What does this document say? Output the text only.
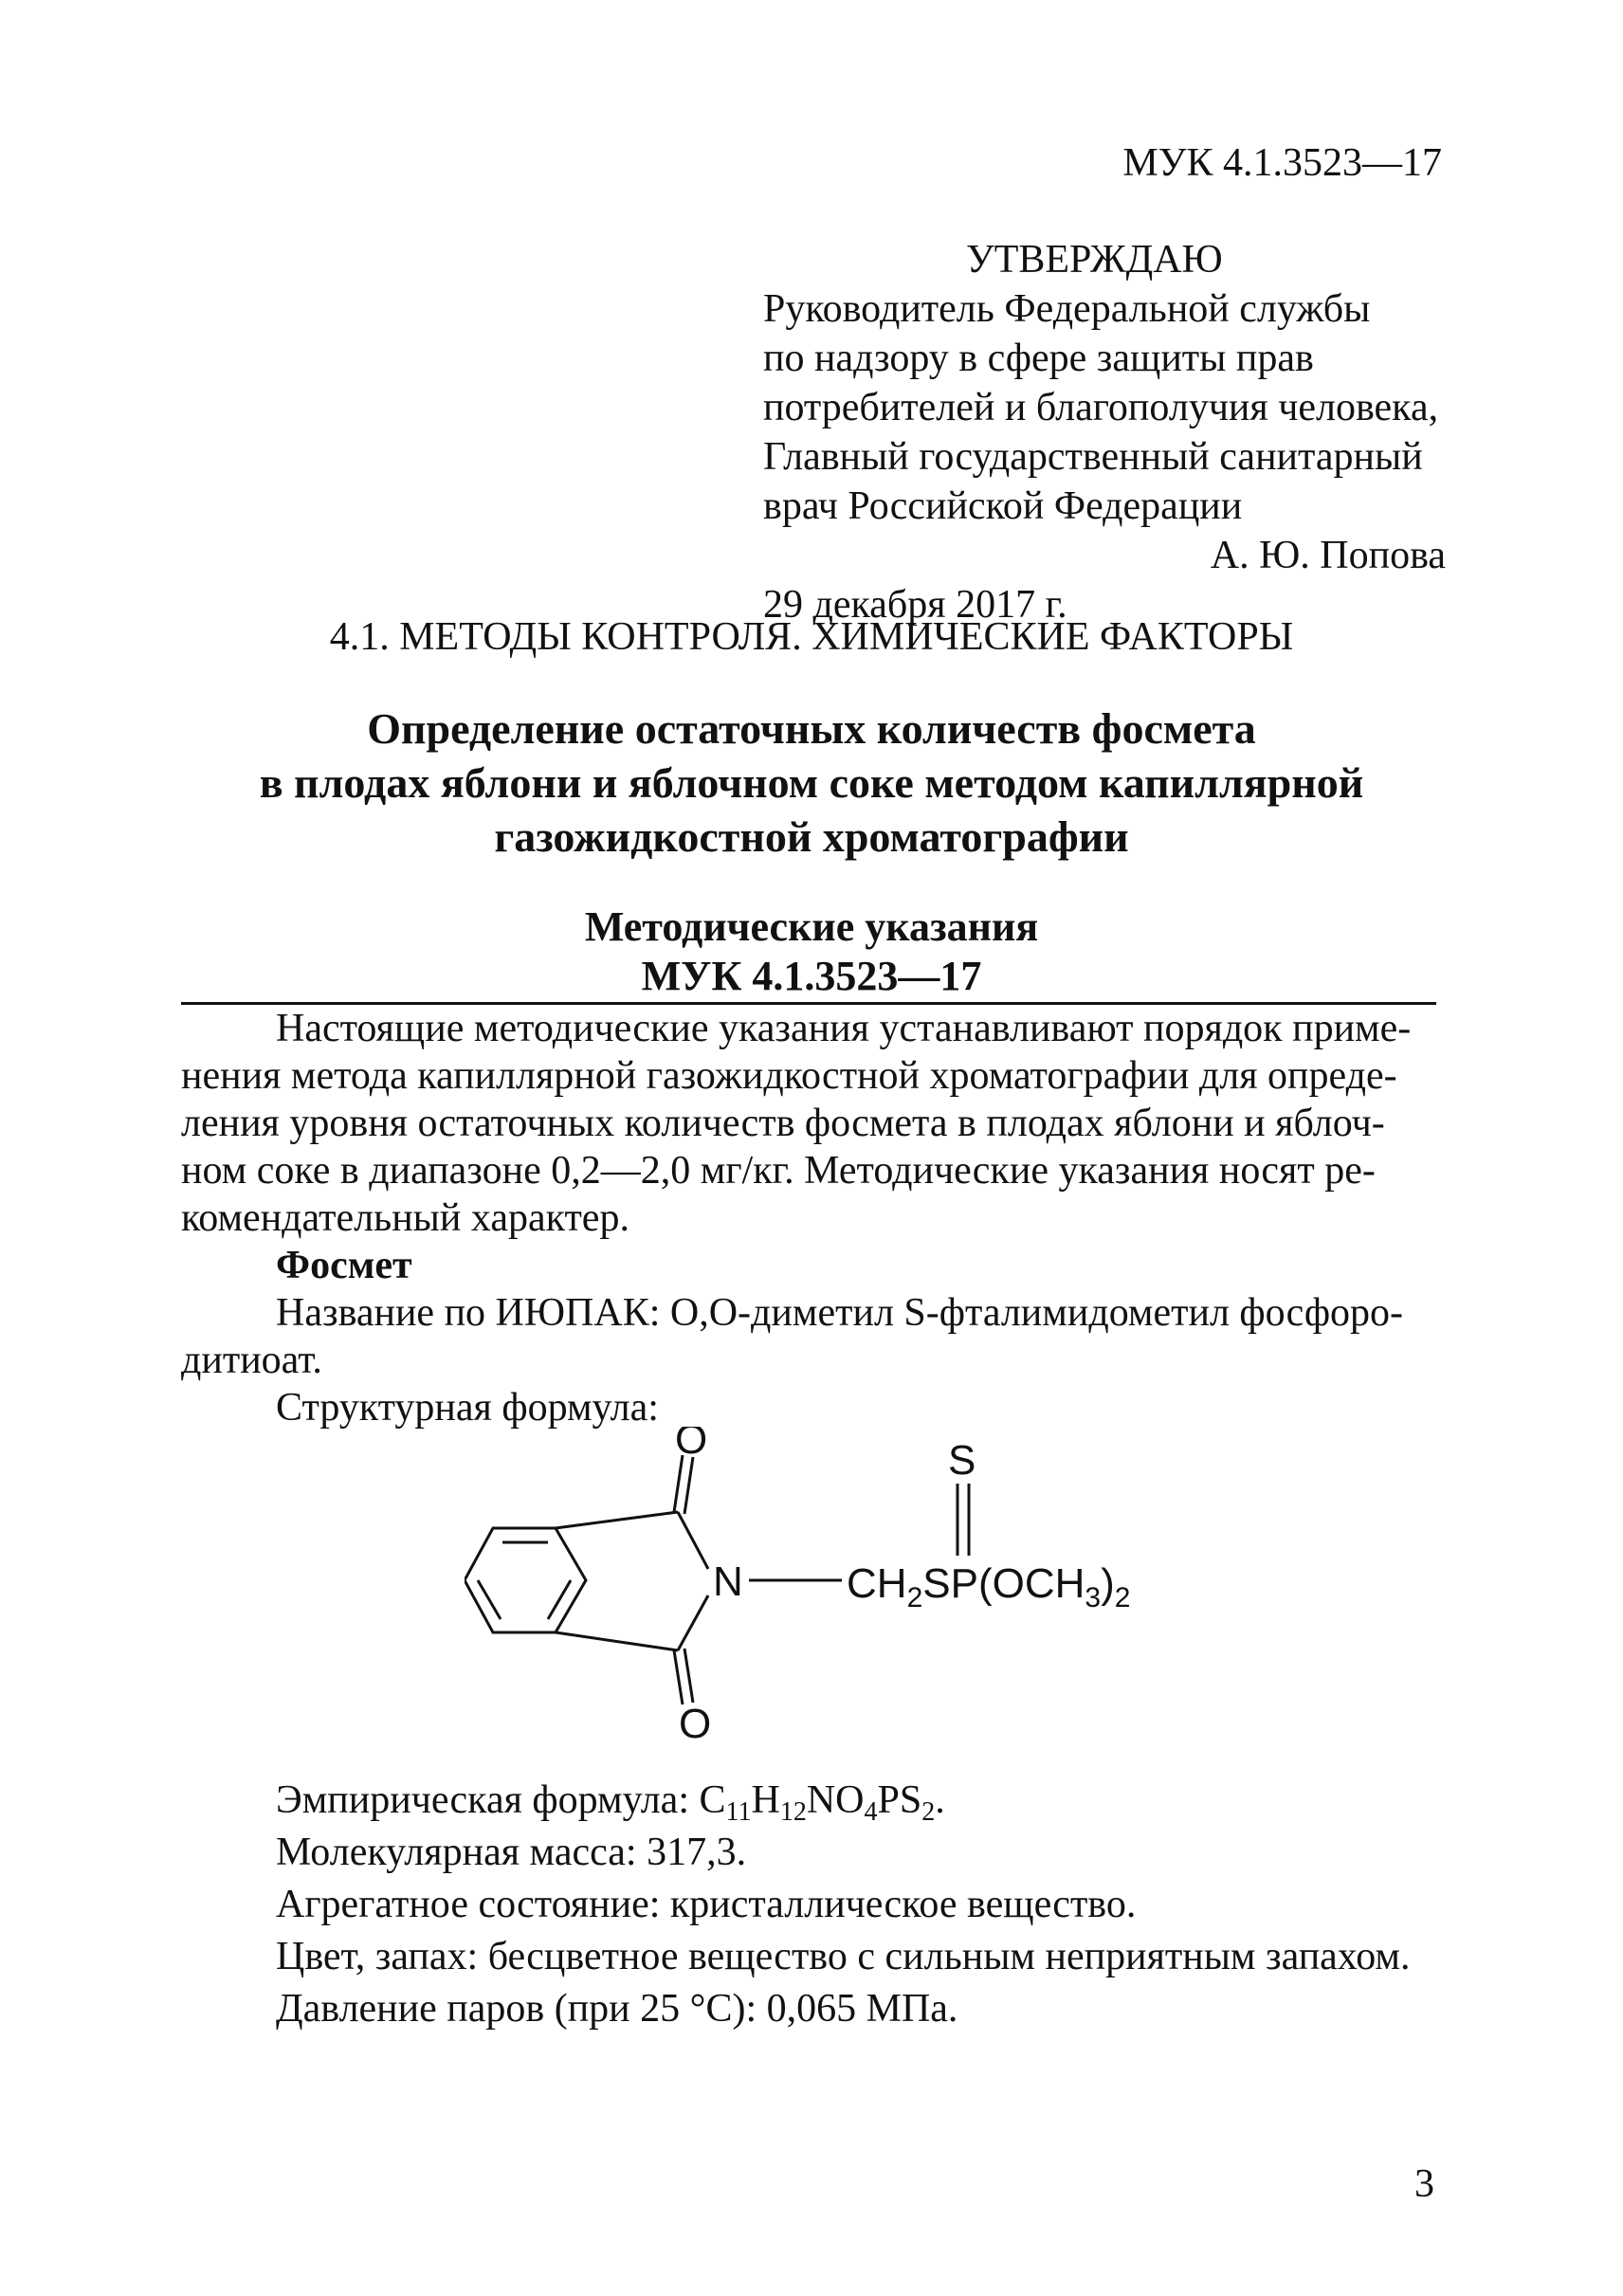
МУК 4.1.3523—17
УТВЕРЖДАЮ
Руководитель Федеральной службы
по надзору в сфере защиты прав
потребителей и благополучия человека,
Главный государственный санитарный
врач Российской Федерации
А. Ю. Попова
29 декабря 2017 г.
4.1. МЕТОДЫ КОНТРОЛЯ. ХИМИЧЕСКИЕ ФАКТОРЫ
Определение остаточных количеств фосмета
в плодах яблони и яблочном соке методом капиллярной
газожидкостной хроматографии
Методические указания
МУК 4.1.3523—17
Настоящие методические указания устанавливают порядок приме-
нения метода капиллярной газожидкостной хроматографии для опреде-
ления уровня остаточных количеств фосмета в плодах яблони и яблоч-
ном соке в диапазоне 0,2—2,0 мг/кг. Методические указания носят ре-
комендательный характер.
Фосмет
Название по ИЮПАК: О,О-диметил S-фталимидометил фосфоро-
дитиоат.
Структурная формула:
O
O
N
S
$CH_2SP(OCH_3)_2$
Эмпирическая формула: $C_{11}H_{12}NO_4PS_2$.
Молекулярная масса: 317,3.
Агрегатное состояние: кристаллическое вещество.
Цвет, запах: бесцветное вещество с сильным неприятным запахом.
Давление паров (при 25 °С): 0,065 МПа.
3
